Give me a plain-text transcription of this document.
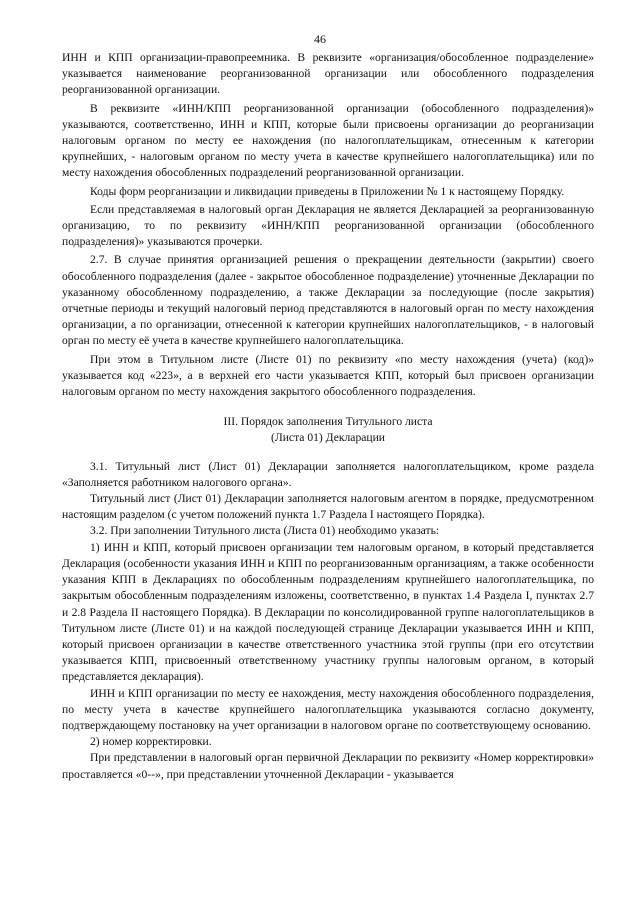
46

ИНН и КПП организации-правопреемника. В реквизите «организация/обособленное подразделение» указывается наименование реорганизованной организации или обособленного подразделения реорганизованной организации.

В реквизите «ИНН/КПП реорганизованной организации (обособленного подразделения)» указываются, соответственно, ИНН и КПП, которые были присвоены организации до реорганизации налоговым органом по месту ее нахождения (по налогоплательщикам, отнесенным к категории крупнейших, - налоговым органом по месту учета в качестве крупнейшего налогоплательщика) или по месту нахождения обособленных подразделений реорганизованной организации.

Коды форм реорганизации и ликвидации приведены в Приложении № 1 к настоящему Порядку.

Если представляемая в налоговый орган Декларация не является Декларацией за реорганизованную организацию, то по реквизиту «ИНН/КПП реорганизованной организации (обособленного подразделения)» указываются прочерки.

2.7. В случае принятия организацией решения о прекращении деятельности (закрытии) своего обособленного подразделения (далее - закрытое обособленное подразделение) уточненные Декларации по указанному обособленному подразделению, а также Декларации за последующие (после закрытия) отчетные периоды и текущий налоговый период представляются в налоговый орган по месту нахождения организации, а по организации, отнесенной к категории крупнейших налогоплательщиков, - в налоговый орган по месту её учета в качестве крупнейшего налогоплательщика.

При этом в Титульном листе (Листе 01) по реквизиту «по месту нахождения (учета) (код)» указывается код «223», а в верхней его части указывается КПП, который был присвоен организации налоговым органом по месту нахождения закрытого обособленного подразделения.

III. Порядок заполнения Титульного листа
(Листа 01) Декларации

3.1. Титульный лист (Лист 01) Декларации заполняется налогоплательщиком, кроме раздела «Заполняется работником налогового органа».

Титульный лист (Лист 01) Декларации заполняется налоговым агентом в порядке, предусмотренном настоящим разделом (с учетом положений пункта 1.7 Раздела I настоящего Порядка).

3.2. При заполнении Титульного листа (Листа 01) необходимо указать:

1) ИНН и КПП, который присвоен организации тем налоговым органом, в который представляется Декларация (особенности указания ИНН и КПП по реорганизованным организациям, а также особенности указания КПП в Декларациях по обособленным подразделениям крупнейшего налогоплательщика, по закрытым обособленным подразделениям изложены, соответственно, в пунктах 1.4 Раздела I, пунктах 2.7 и 2.8 Раздела II настоящего Порядка). В Декларации по консолидированной группе налогоплательщиков в Титульном листе (Листе 01) и на каждой последующей странице Декларации указывается ИНН и КПП, который присвоен организации в качестве ответственного участника этой группы (при его отсутствии указывается КПП, присвоенный ответственному участнику группы налоговым органом, в который представляется декларация).

ИНН и КПП организации по месту ее нахождения, месту нахождения обособленного подразделения, по месту учета в качестве крупнейшего налогоплательщика указываются согласно документу, подтверждающему постановку на учет организации в налоговом органе по соответствующему основанию.

2) номер корректировки.

При представлении в налоговый орган первичной Декларации по реквизиту «Номер корректировки» проставляется «0--», при представлении уточненной Декларации - указывается
